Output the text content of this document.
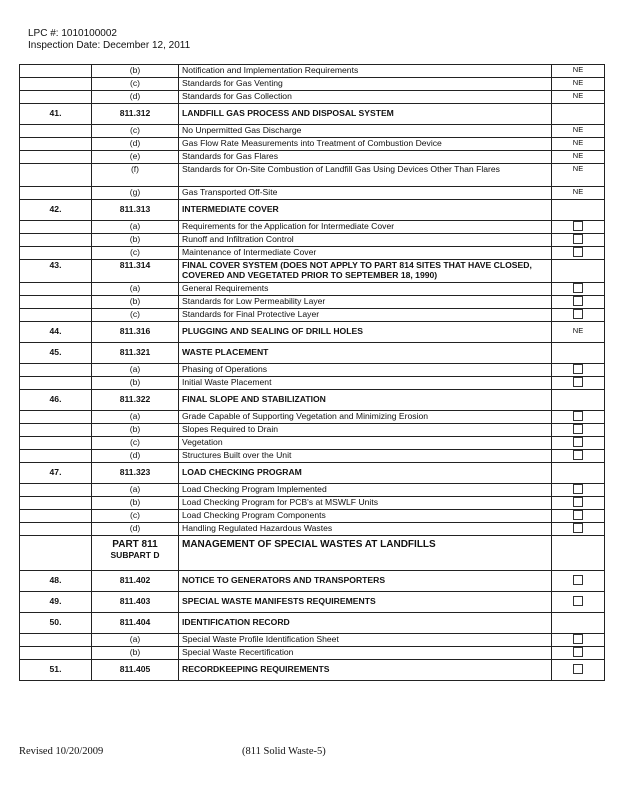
LPC #: 1010100002
Inspection Date: December 12, 2011
	(b)	Notification and Implementation Requirements	NE
	(c)	Standards for Gas Venting	NE
	(d)	Standards for Gas Collection	NE
41.	811.312	LANDFILL GAS PROCESS AND DISPOSAL SYSTEM	
	(c)	No Unpermitted Gas Discharge	NE
	(d)	Gas Flow Rate Measurements into Treatment of Combustion Device	NE
	(e)	Standards for Gas Flares	NE
	(f)	Standards for On-Site Combustion of Landfill Gas Using Devices Other Than Flares	NE
	(g)	Gas Transported Off-Site	NE
42.	811.313	INTERMEDIATE COVER	
	(a)	Requirements for the Application for Intermediate Cover	
	(b)	Runoff and Infiltration Control	
	(c)	Maintenance of Intermediate Cover	
43.	811.314	FINAL COVER SYSTEM (DOES NOT APPLY TO PART 814 SITES THAT HAVE CLOSED, COVERED AND VEGETATED PRIOR TO SEPTEMBER 18, 1990)	
	(a)	General Requirements	
	(b)	Standards for Low Permeability Layer	
	(c)	Standards for Final Protective Layer	
44.	811.316	PLUGGING AND SEALING OF DRILL HOLES	NE
45.	811.321	WASTE PLACEMENT	
	(a)	Phasing of Operations	
	(b)	Initial Waste Placement	
46.	811.322	FINAL SLOPE AND STABILIZATION	
	(a)	Grade Capable of Supporting Vegetation and Minimizing Erosion	
	(b)	Slopes Required to Drain	
	(c)	Vegetation	
	(d)	Structures Built over the Unit	
47.	811.323	LOAD CHECKING PROGRAM	
	(a)	Load Checking Program Implemented	
	(b)	Load Checking Program for PCB's at MSWLF Units	
	(c)	Load Checking Program Components	
	(d)	Handling Regulated Hazardous Wastes	
	PART 811
SUBPART D	MANAGEMENT OF SPECIAL WASTES AT LANDFILLS	
48.	811.402	NOTICE TO GENERATORS AND TRANSPORTERS	
49.	811.403	SPECIAL WASTE MANIFESTS REQUIREMENTS	
50.	811.404	IDENTIFICATION RECORD	
	(a)	Special Waste Profile Identification Sheet	
	(b)	Special Waste Recertification	
51.	811.405	RECORDKEEPING REQUIREMENTS	
Revised 10/20/2009	(811 Solid Waste-5)
